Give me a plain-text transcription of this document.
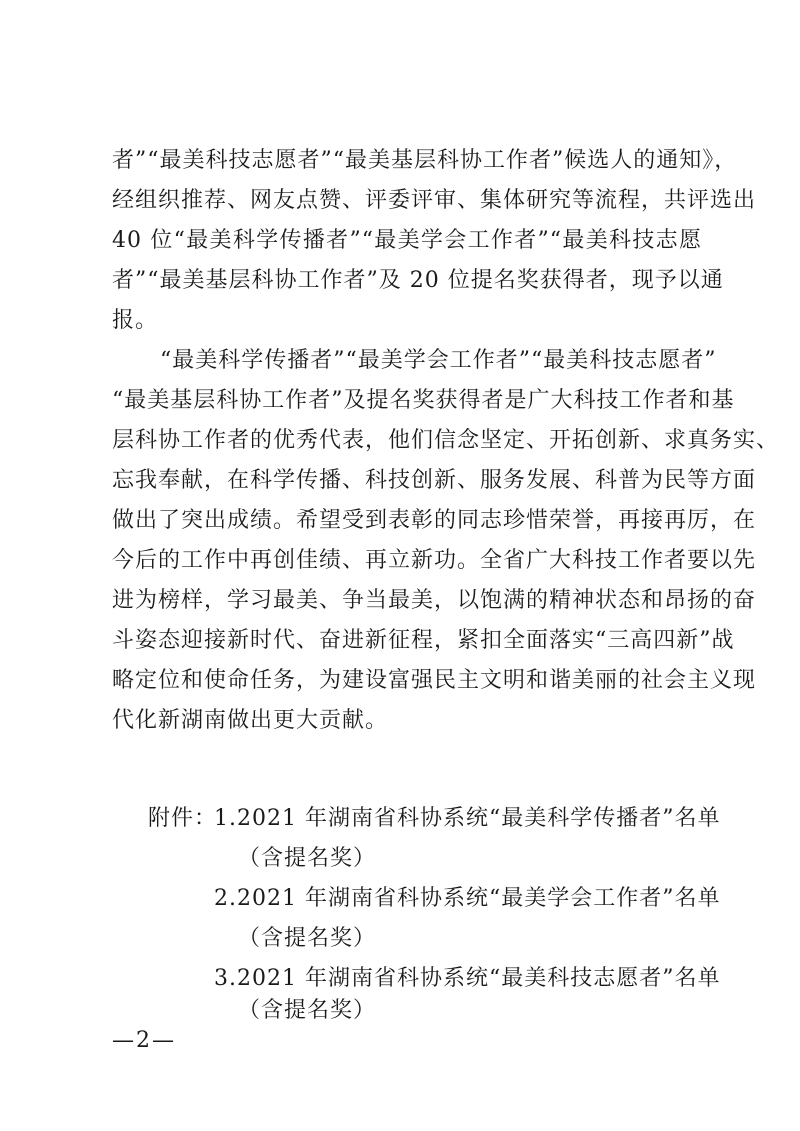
者”“最美科技志愿者”“最美基层科协工作者”候选人的通知》，
经组织推荐、网友点赞、评委评审、集体研究等流程，共评选出
40 位“最美科学传播者”“最美学会工作者”“最美科技志愿
者”“最美基层科协工作者”及 20 位提名奖获得者，现予以通
报。
“最美科学传播者”“最美学会工作者”“最美科技志愿者”
“最美基层科协工作者”及提名奖获得者是广大科技工作者和基
层科协工作者的优秀代表，他们信念坚定、开拓创新、求真务实、
忘我奉献，在科学传播、科技创新、服务发展、科普为民等方面
做出了突出成绩。希望受到表彰的同志珍惜荣誉，再接再厉，在
今后的工作中再创佳绩、再立新功。全省广大科技工作者要以先
进为榜样，学习最美、争当最美，以饱满的精神状态和昂扬的奋
斗姿态迎接新时代、奋进新征程，紧扣全面落实“三高四新”战
略定位和使命任务，为建设富强民主文明和谐美丽的社会主义现
代化新湖南做出更大贡献。
附件：
1.2021 年湖南省科协系统“最美科学传播者”名单
（含提名奖）
2.2021 年湖南省科协系统“最美学会工作者”名单
（含提名奖）
3.2021 年湖南省科协系统“最美科技志愿者”名单
（含提名奖）
—2—
